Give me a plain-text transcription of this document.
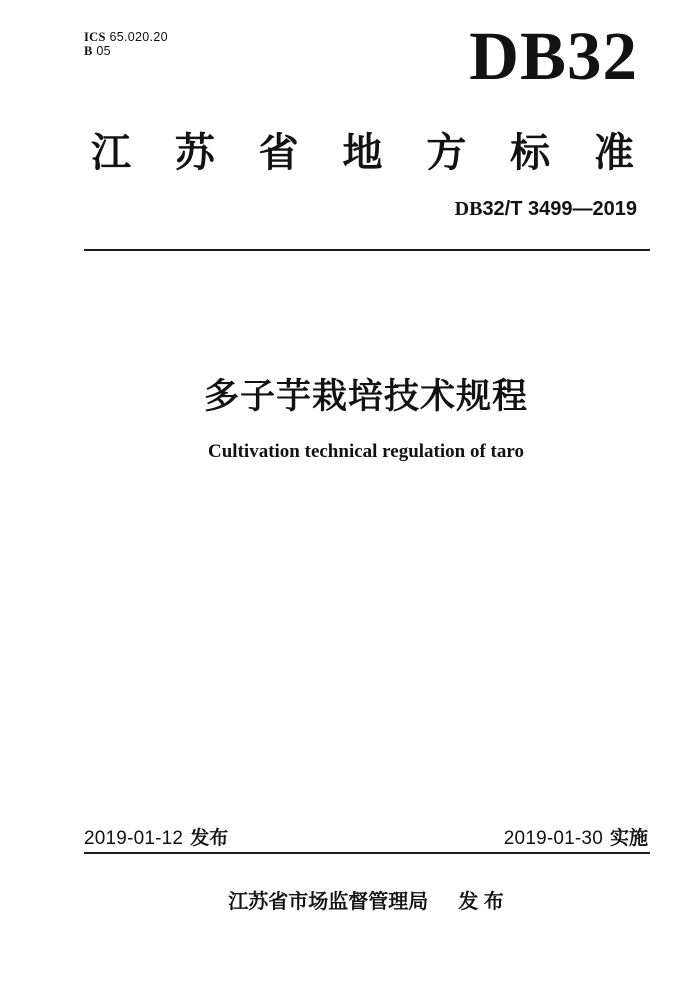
ICS 65.020.20
B 05	DB32
江 苏 省 地 方 标 准
DB32/T 3499—2019
多子芋栽培技术规程
Cultivation technical regulation of taro
2019-01-12 发布	2019-01-30 实施
江苏省市场监督管理局 发 布
